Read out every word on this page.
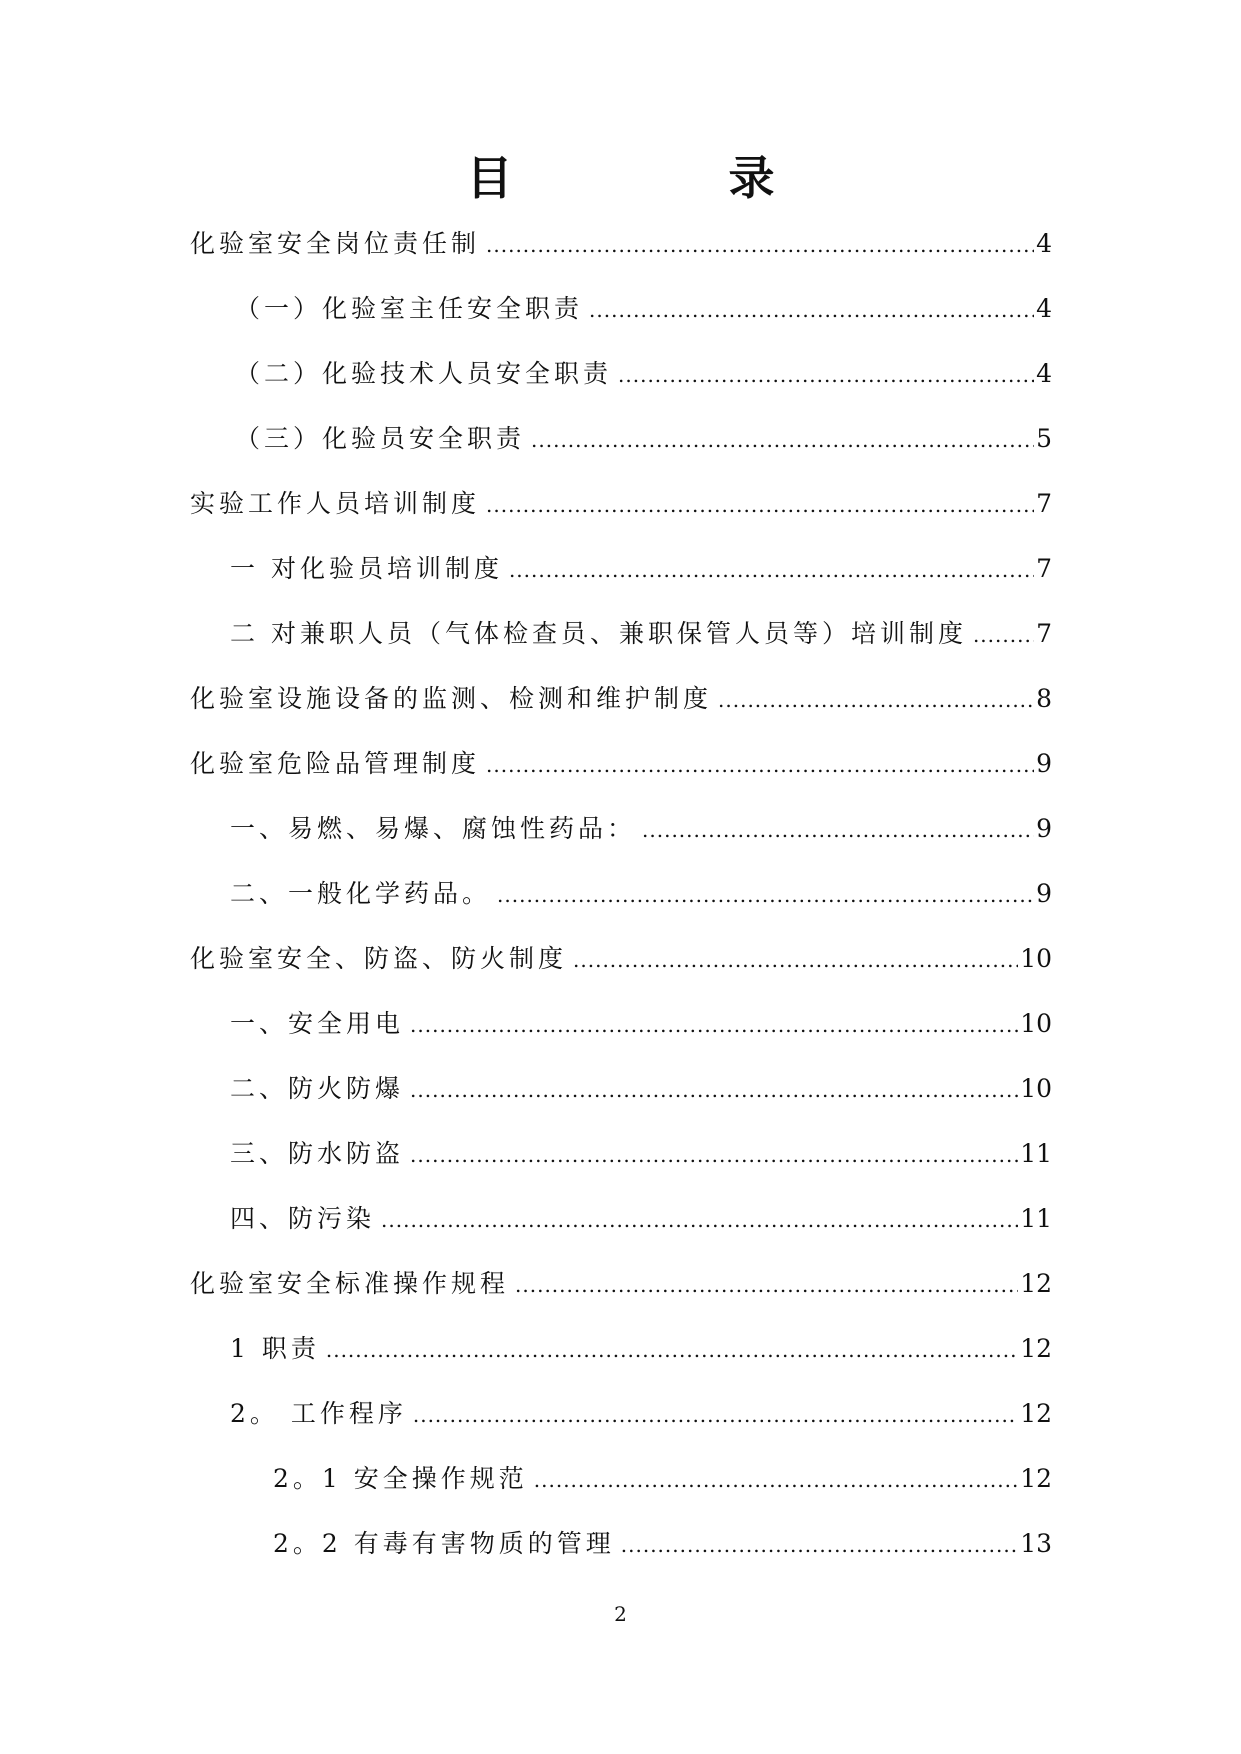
目 录
化验室安全岗位责任制 .....	4
（一）化验室主任安全职责 .....	4
（二）化验技术人员安全职责 .....	4
（三）化验员安全职责 .....	5
实验工作人员培训制度 .....	7
一 对化验员培训制度 .....	7
二 对兼职人员（气体检查员、兼职保管人员等）培训制度 .....	7
化验室设施设备的监测、检测和维护制度 .....	8
化验室危险品管理制度 .....	9
一、易燃、易爆、腐蚀性药品： .....	9
二、一般化学药品。 .....	9
化验室安全、防盗、防火制度 .....	10
一、安全用电 .....	10
二、防火防爆 .....	10
三、防水防盗 .....	11
四、防污染 .....	11
化验室安全标准操作规程 .....	12
1 职责 .....	12
2。 工作程序 .....	12
2。1 安全操作规范 .....	12
2。2 有毒有害物质的管理 .....	13
2
